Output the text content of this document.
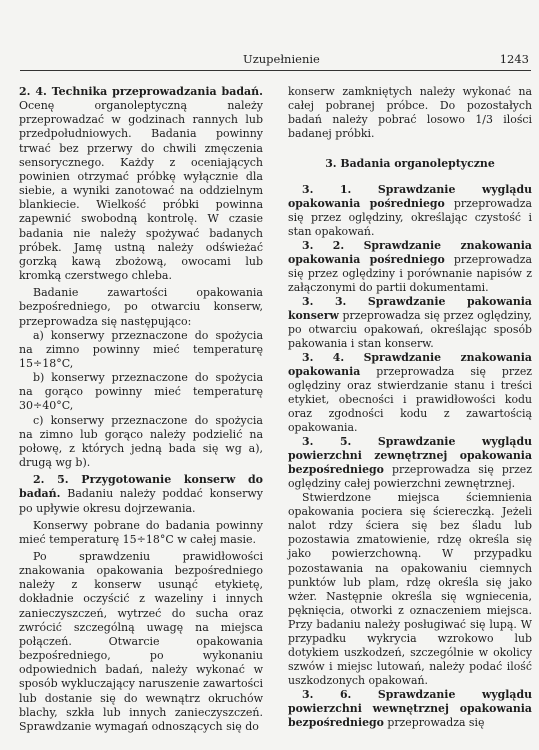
Uzupełnienie	1243

2. 4. Technika przeprowadzania badań. Ocenę organoleptyczną należy przeprowadzać w godzinach rannych lub przedpołudniowych. Badania powinny trwać bez przerwy do chwili zmęczenia sensorycznego. Każdy z oceniających powinien otrzymać próbkę wyłącznie dla siebie, a wyniki zanotować na oddzielnym blankiecie. Wielkość próbki powinna zapewnić swobodną kontrolę. W czasie badania nie należy spożywać badanych próbek. Jamę ustną należy odświeżać gorzką kawą zbożową, owocami lub kromką czerstwego chleba.

Badanie zawartości opakowania bezpośredniego, po otwarciu konserw, przeprowadza się następująco:

a) konserwy przeznaczone do spożycia na zimno powinny mieć temperaturę 15÷18°C,

b) konserwy przeznaczone do spożycia na gorąco powinny mieć temperaturę 30÷40°C,

c) konserwy przeznaczone do spożycia na zimno lub gorąco należy podzielić na połowę, z których jedną bada się wg a), drugą wg b).

2. 5. Przygotowanie konserw do badań. Badaniu należy poddać konserwy po upływie okresu dojrzewania.

Konserwy pobrane do badania powinny mieć temperaturę 15÷18°C w całej masie.

Po sprawdzeniu prawidłowości znakowania opakowania bezpośredniego należy z konserw usunąć etykietę, dokładnie oczyścić z wazeliny i innych zanieczyszczeń, wytrzeć do sucha oraz zwrócić szczególną uwagę na miejsca połączeń. Otwarcie opakowania bezpośredniego, po wykonaniu odpowiednich badań, należy wykonać w sposób wykluczający naruszenie zawartości lub dostanie się do wewnątrz okruchów blachy, szkła lub innych zanieczyszczeń. Sprawdzanie wymagań odnoszących się do

konserw zamkniętych należy wykonać na całej pobranej próbce. Do pozostałych badań należy pobrać losowo 1/3 ilości badanej próbki.

3. Badania organoleptyczne

3. 1. Sprawdzanie wyglądu opakowania pośredniego przeprowadza się przez oględziny, określając czystość i stan opakowań.

3. 2. Sprawdzanie znakowania opakowania pośredniego przeprowadza się przez oględziny i porównanie napisów z załączonymi do partii dokumentami.

3. 3. Sprawdzanie pakowania konserw przeprowadza się przez oględziny, po otwarciu opakowań, określając sposób pakowania i stan konserw.

3. 4. Sprawdzanie znakowania opakowania przeprowadza się przez oględziny oraz stwierdzanie stanu i treści etykiet, obecności i prawidłowości kodu oraz zgodności kodu z zawartością opakowania.

3. 5. Sprawdzanie wyglądu powierzchni zewnętrznej opakowania bezpośredniego przeprowadza się przez oględziny całej powierzchni zewnętrznej.

Stwierdzone miejsca ściemnienia opakowania pociera się ściereczką. Jeżeli nalot rdzy ściera się bez śladu lub pozostawia zmatowienie, rdzę określa się jako powierzchowną. W przypadku pozostawania na opakowaniu ciemnych punktów lub plam, rdzę określa się jako wżer. Następnie określa się wgniecenia, pęknięcia, otworki z oznaczeniem miejsca. Przy badaniu należy posługiwać się lupą. W przypadku wykrycia wzrokowo lub dotykiem uszkodzeń, szczególnie w okolicy szwów i miejsc lutowań, należy podać ilość uszkodzonych opakowań.

3. 6. Sprawdzanie wyglądu powierzchni wewnętrznej opakowania bezpośredniego przeprowadza się
